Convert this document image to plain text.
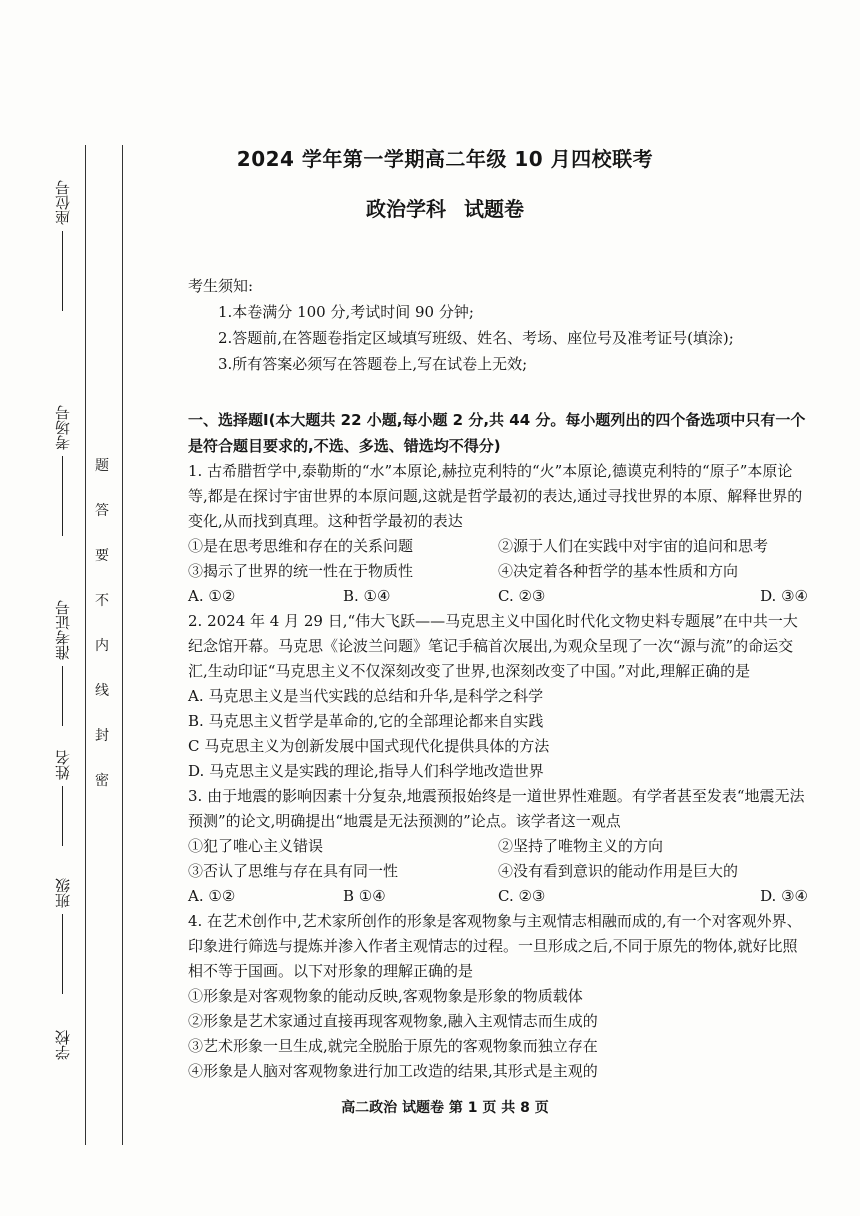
座位号
考场号
准考证号
姓名
班级
学校
题
答
要
不
内
线
封
密
2024 学年第一学期高二年级 10 月四校联考
政治学科 试题卷
考生须知:
1.本卷满分 100 分,考试时间 90 分钟;
2.答题前,在答题卷指定区域填写班级、姓名、考场、座位号及准考证号(填涂);
3.所有答案必须写在答题卷上,写在试卷上无效;
一、选择题Ⅰ(本大题共 22 小题,每小题 2 分,共 44 分。每小题列出的四个备选项中只有一个是符合题目要求的,不选、多选、错选均不得分)
1. 古希腊哲学中,泰勒斯的“水”本原论,赫拉克利特的“火”本原论,德谟克利特的“原子”本原论等,都是在探讨宇宙世界的本原问题,这就是哲学最初的表达,通过寻找世界的本原、解释世界的变化,从而找到真理。这种哲学最初的表达
①是在思考思维和存在的关系问题	②源于人们在实践中对宇宙的追问和思考
③揭示了世界的统一性在于物质性	④决定着各种哲学的基本性质和方向
A. ①②	B. ①④	C. ②③	D. ③④
2. 2024 年 4 月 29 日,“伟大飞跃——马克思主义中国化时代化文物史料专题展”在中共一大纪念馆开幕。马克思《论波兰问题》笔记手稿首次展出,为观众呈现了一次“源与流”的命运交汇,生动印证“马克思主义不仅深刻改变了世界,也深刻改变了中国。”对此,理解正确的是
A. 马克思主义是当代实践的总结和升华,是科学之科学
B. 马克思主义哲学是革命的,它的全部理论都来自实践
C 马克思主义为创新发展中国式现代化提供具体的方法
D. 马克思主义是实践的理论,指导人们科学地改造世界
3. 由于地震的影响因素十分复杂,地震预报始终是一道世界性难题。有学者甚至发表“地震无法预测”的论文,明确提出“地震是无法预测的”论点。该学者这一观点
①犯了唯心主义错误	②坚持了唯物主义的方向
③否认了思维与存在具有同一性	④没有看到意识的能动作用是巨大的
A. ①②	B ①④	C. ②③	D. ③④
4. 在艺术创作中,艺术家所创作的形象是客观物象与主观情志相融而成的,有一个对客观外界、印象进行筛选与提炼并渗入作者主观情志的过程。一旦形成之后,不同于原先的物体,就好比照相不等于国画。以下对形象的理解正确的是
①形象是对客观物象的能动反映,客观物象是形象的物质载体
②形象是艺术家通过直接再现客观物象,融入主观情志而生成的
③艺术形象一旦生成,就完全脱胎于原先的客观物象而独立存在
④形象是人脑对客观物象进行加工改造的结果,其形式是主观的
高二政治 试题卷 第 1 页 共 8 页
